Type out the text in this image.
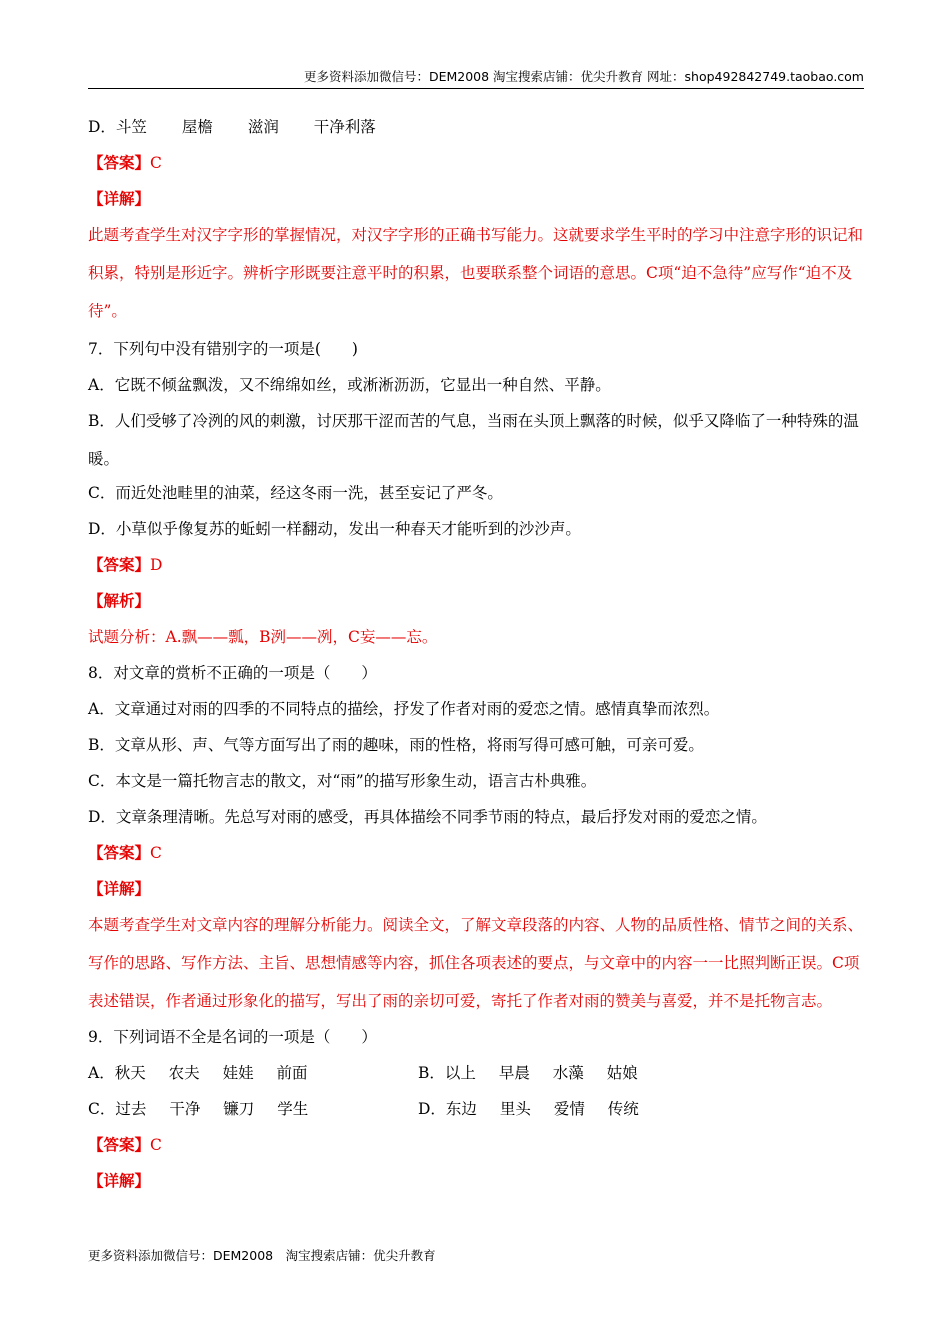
更多资料添加微信号：DEM2008 淘宝搜索店铺：优尖升教育 网址：shop492842749.taobao.com
D．斗笠 屋檐 滋润 干净利落
【答案】C
【详解】
此题考查学生对汉字字形的掌握情况，对汉字字形的正确书写能力。这就要求学生平时的学习中注意字形的识记和积累，特别是形近字。辨析字形既要注意平时的积累，也要联系整个词语的意思。C项“迫不急待”应写作“迫不及待”。
7．下列句中没有错别字的一项是(　　)
A．它既不倾盆飘泼，又不绵绵如丝，或淅淅沥沥，它显出一种自然、平静。
B．人们受够了冷洌的风的刺激，讨厌那干涩而苦的气息，当雨在头顶上飘落的时候，似乎又降临了一种特殊的温暖。
C．而近处池畦里的油菜，经这冬雨一洗，甚至妄记了严冬。
D．小草似乎像复苏的蚯蚓一样翻动，发出一种春天才能听到的沙沙声。
【答案】D
【解析】
试题分析：A.飘——瓢，B洌——冽，C妄——忘。
8．对文章的赏析不正确的一项是（　　）
A．文章通过对雨的四季的不同特点的描绘，抒发了作者对雨的爱恋之情。感情真挚而浓烈。
B．文章从形、声、气等方面写出了雨的趣味，雨的性格，将雨写得可感可触，可亲可爱。
C．本文是一篇托物言志的散文，对“雨”的描写形象生动，语言古朴典雅。
D．文章条理清晰。先总写对雨的感受，再具体描绘不同季节雨的特点，最后抒发对雨的爱恋之情。
【答案】C
【详解】
本题考查学生对文章内容的理解分析能力。阅读全文，了解文章段落的内容、人物的品质性格、情节之间的关系、写作的思路、写作方法、主旨、思想情感等内容，抓住各项表述的要点，与文章中的内容一一比照判断正误。C项表述错误，作者通过形象化的描写，写出了雨的亲切可爱，寄托了作者对雨的赞美与喜爱，并不是托物言志。
9．下列词语不全是名词的一项是（　　）
A．秋天 农夫 娃娃 前面	B．以上 早晨 水藻 姑娘
C．过去 干净 镰刀 学生	D．东边 里头 爱情 传统
【答案】C
【详解】
更多资料添加微信号：DEM2008　淘宝搜索店铺：优尖升教育
